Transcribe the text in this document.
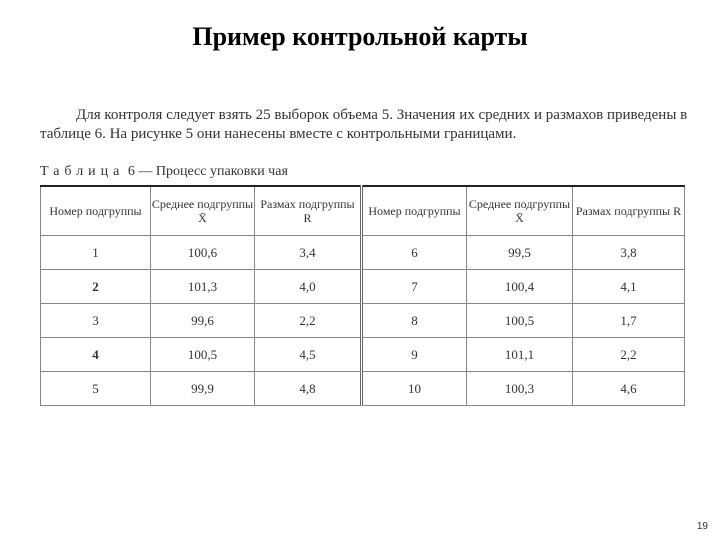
Пример контрольной карты
Для контроля следует взять 25 выборок объема 5. Значения их средних и размахов приведены в
таблице 6. На рисунке 5 они нанесены вместе с контрольными границами.
Таблица 6 — Процесс упаковки чая
Номер подгруппы	Среднее подгруппы X̄	Размах подгруппы R	Номер подгруппы	Среднее подгруппы X̄	Размах подгруппы R
1	100,6	3,4	6	99,5	3,8
2	101,3	4,0	7	100,4	4,1
3	99,6	2,2	8	100,5	1,7
4	100,5	4,5	9	101,1	2,2
5	99,9	4,8	10	100,3	4,6
19
